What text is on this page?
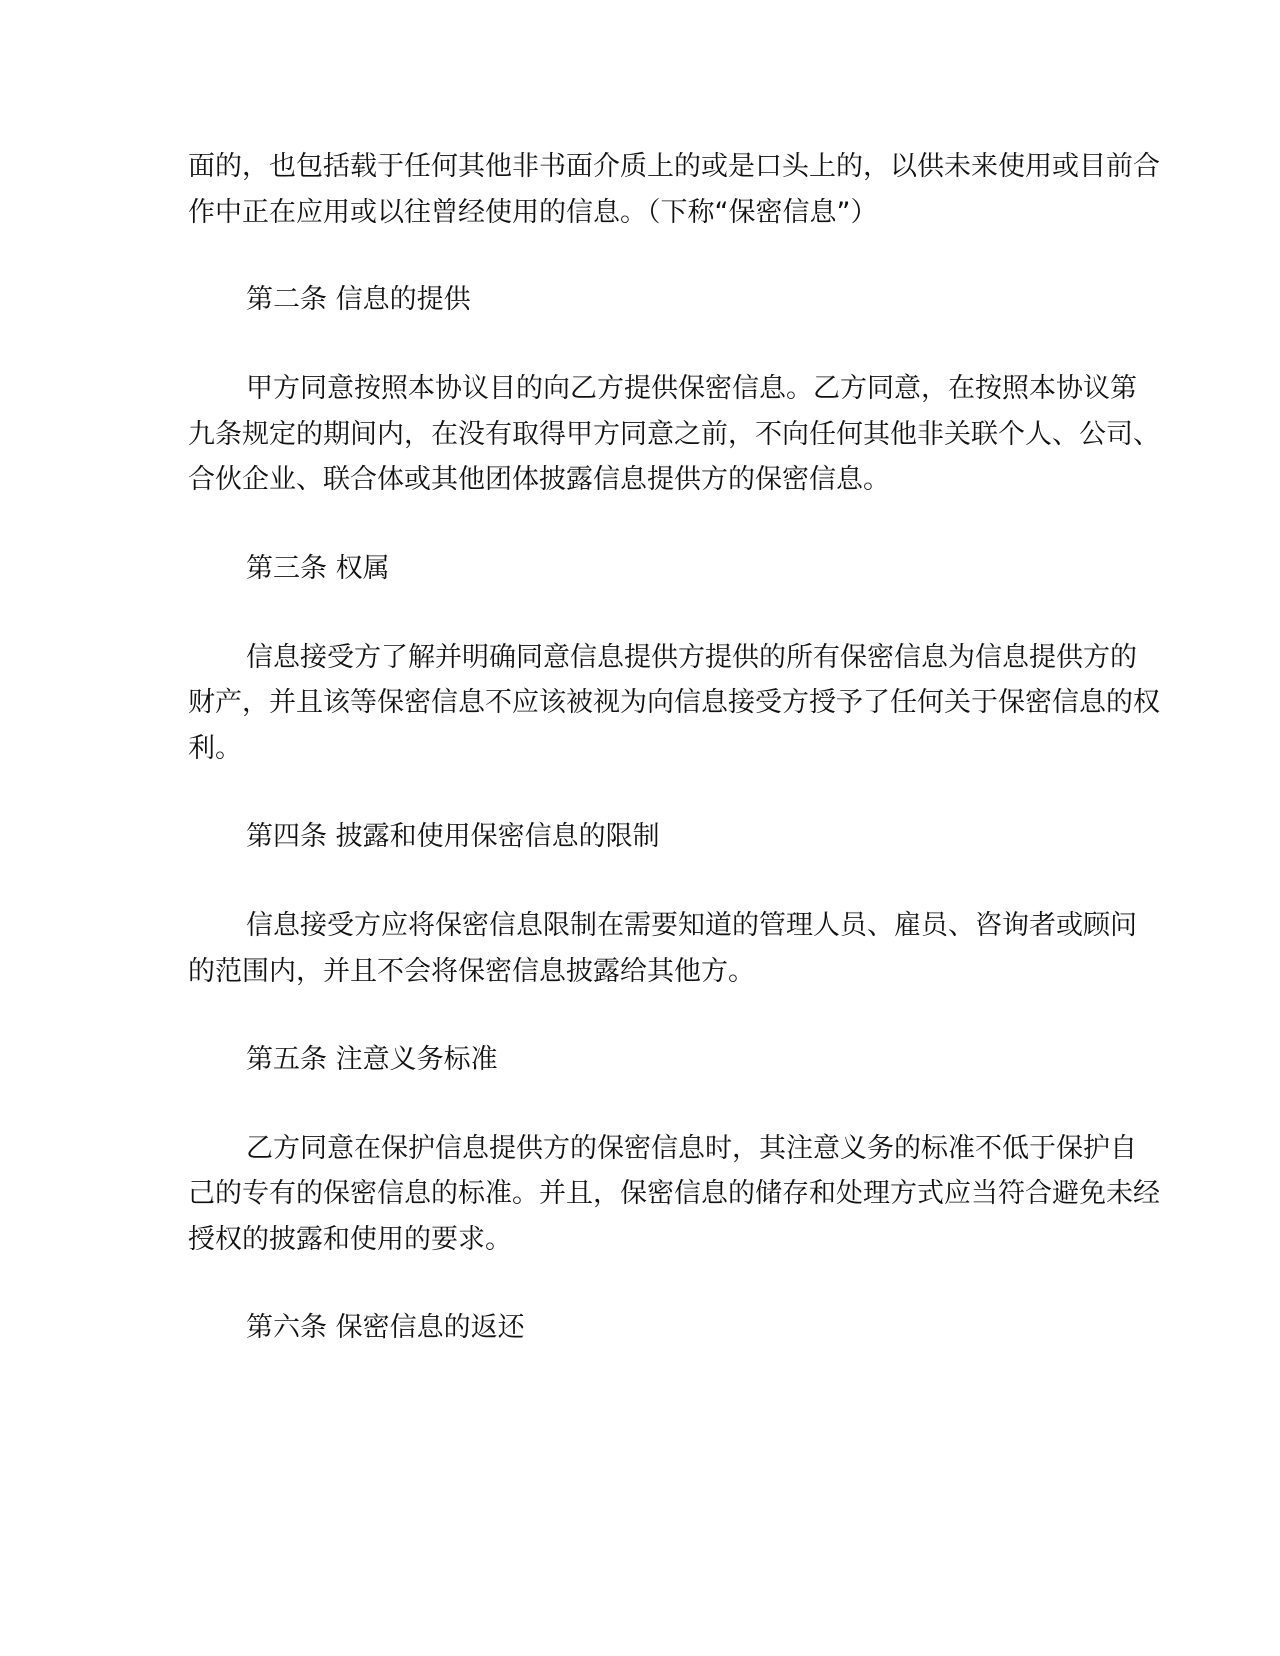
面的，也包括载于任何其他非书面介质上的或是口头上的，以供未来使用或目前合

作中正在应用或以往曾经使用的信息。（下称“保密信息”）

第二条 信息的提供

甲方同意按照本协议目的向乙方提供保密信息。乙方同意，在按照本协议第

九条规定的期间内，在没有取得甲方同意之前，不向任何其他非关联个人、公司、

合伙企业、联合体或其他团体披露信息提供方的保密信息。

第三条 权属

信息接受方了解并明确同意信息提供方提供的所有保密信息为信息提供方的

财产，并且该等保密信息不应该被视为向信息接受方授予了任何关于保密信息的权

利。

第四条 披露和使用保密信息的限制

信息接受方应将保密信息限制在需要知道的管理人员、雇员、咨询者或顾问

的范围内，并且不会将保密信息披露给其他方。

第五条 注意义务标准

乙方同意在保护信息提供方的保密信息时，其注意义务的标准不低于保护自

己的专有的保密信息的标准。并且，保密信息的储存和处理方式应当符合避免未经

授权的披露和使用的要求。

第六条 保密信息的返还
